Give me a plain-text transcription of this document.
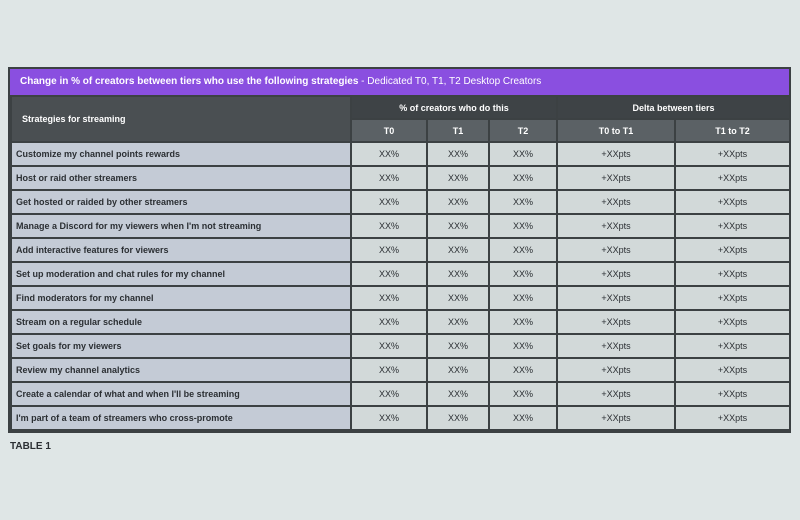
Change in % of creators between tiers who use the following strategies - Dedicated T0, T1, T2 Desktop Creators
Strategies for streaming	% of creators who do this			Delta between tiers	
	T0	T1	T2	T0 to T1	T1 to T2
Customize my channel points rewards	XX%	XX%	XX%	+XXpts	+XXpts
Host or raid other streamers	XX%	XX%	XX%	+XXpts	+XXpts
Get hosted or raided by other streamers	XX%	XX%	XX%	+XXpts	+XXpts
Manage a Discord for my viewers when I'm not streaming	XX%	XX%	XX%	+XXpts	+XXpts
Add interactive features for viewers	XX%	XX%	XX%	+XXpts	+XXpts
Set up moderation and chat rules for my channel	XX%	XX%	XX%	+XXpts	+XXpts
Find moderators for my channel	XX%	XX%	XX%	+XXpts	+XXpts
Stream on a regular schedule	XX%	XX%	XX%	+XXpts	+XXpts
Set goals for my viewers	XX%	XX%	XX%	+XXpts	+XXpts
Review my channel analytics	XX%	XX%	XX%	+XXpts	+XXpts
Create a calendar of what and when I'll be streaming	XX%	XX%	XX%	+XXpts	+XXpts
I'm part of a team of streamers who cross-promote	XX%	XX%	XX%	+XXpts	+XXpts
TABLE 1
